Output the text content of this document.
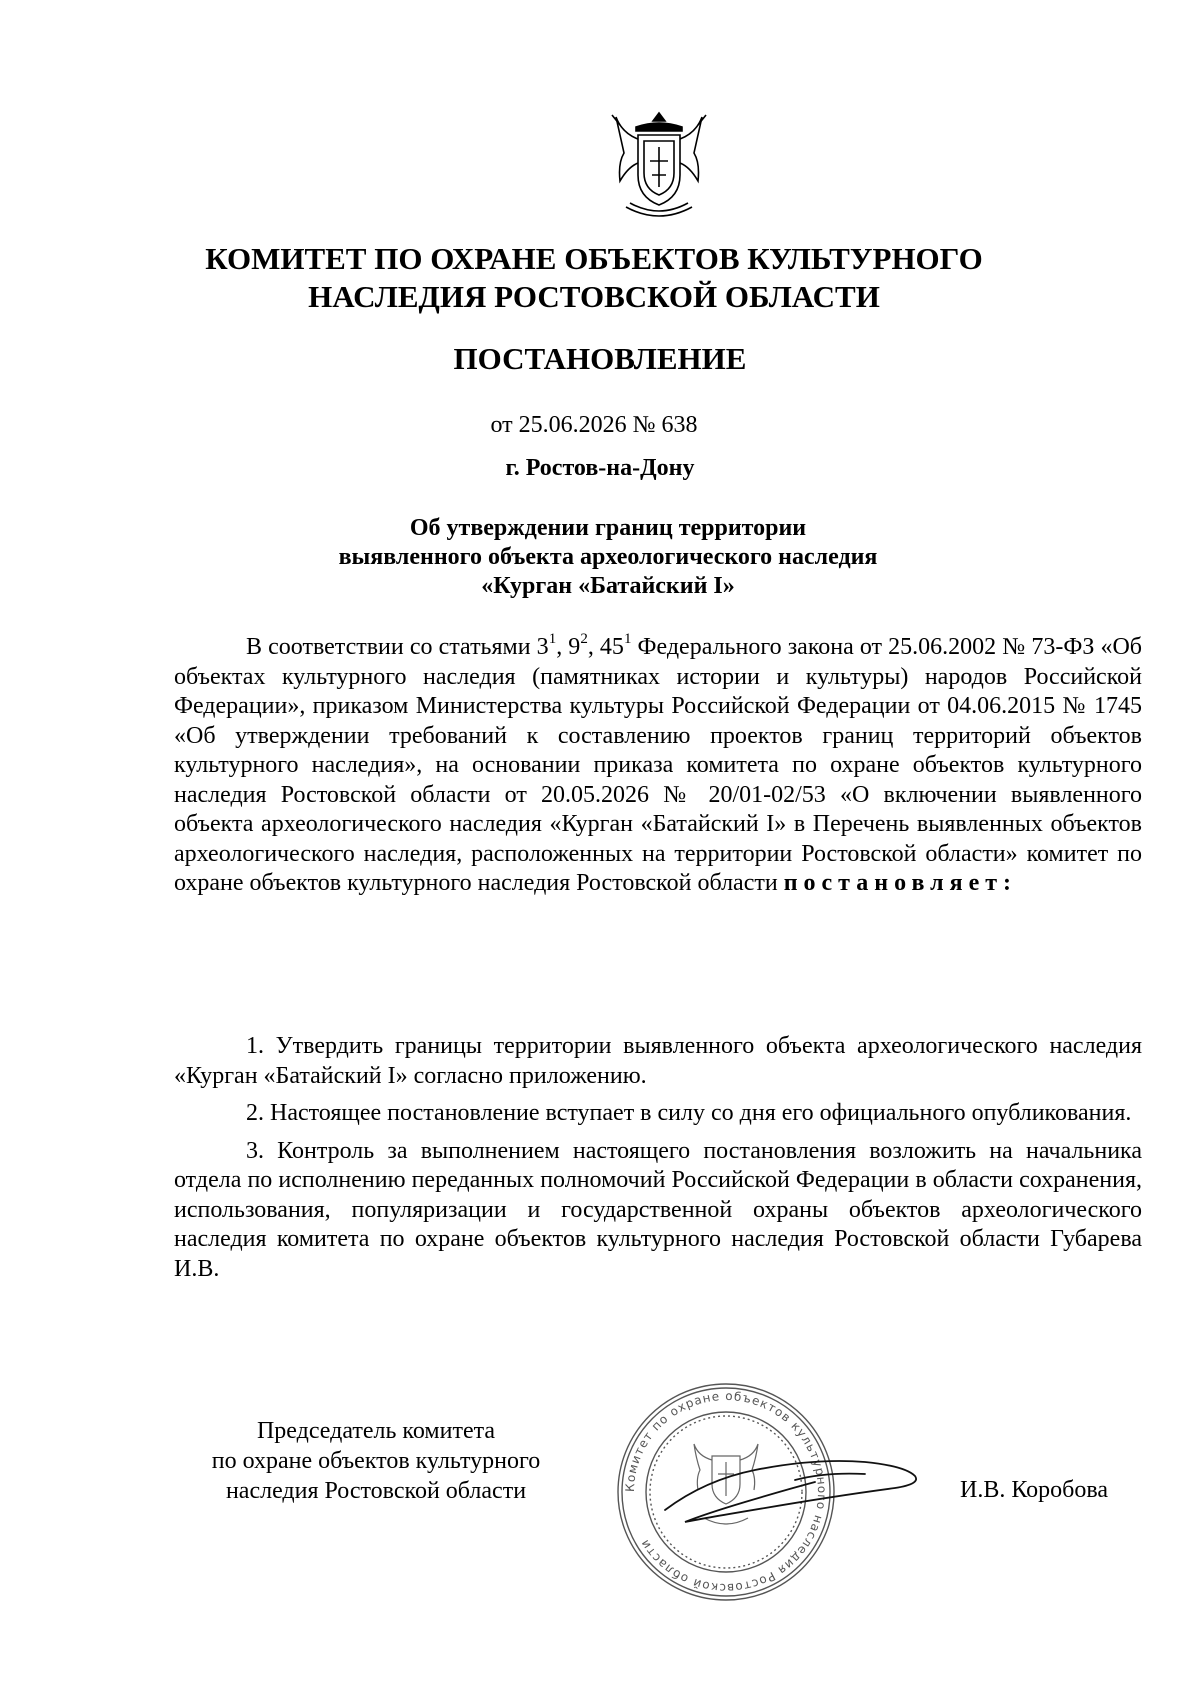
КОМИТЕТ ПО ОХРАНЕ ОБЪЕКТОВ КУЛЬТУРНОГО
НАСЛЕДИЯ РОСТОВСКОЙ ОБЛАСТИ
ПОСТАНОВЛЕНИЕ
от 25.06.2026 № 638
г. Ростов-на-Дону
Об утверждении границ территории
выявленного объекта археологического наследия
«Курган «Батайский I»

В соответствии со статьями $3^1$, $9^2$, $45^1$ Федерального закона от 25.06.2002 № 73-ФЗ «Об объектах культурного наследия (памятниках истории и культуры) народов Российской Федерации», приказом Министерства культуры Российской Федерации от 04.06.2015 № 1745 «Об утверждении требований к составлению проектов границ территорий объектов культурного наследия», на основании приказа комитета по охране объектов культурного наследия Ростовской области от 20.05.2026 № 20/01-02/53 «О включении выявленного объекта археологического наследия «Курган «Батайский I» в Перечень выявленных объектов археологического наследия, расположенных на территории Ростовской области» комитет по охране объектов культурного наследия Ростовской области постановляет:

1. Утвердить границы территории выявленного объекта археологического наследия «Курган «Батайский I» согласно приложению.

2. Настоящее постановление вступает в силу со дня его официального опубликования.

3. Контроль за выполнением настоящего постановления возложить на начальника отдела по исполнению переданных полномочий Российской Федерации в области сохранения, использования, популяризации и государственной охраны объектов археологического наследия комитета по охране объектов культурного наследия Ростовской области Губарева И.В.

Председатель комитета
по охране объектов культурного
наследия Ростовской области	Комитет по охране объектов культурного наследия Ростовской области
И.В. Коробова
